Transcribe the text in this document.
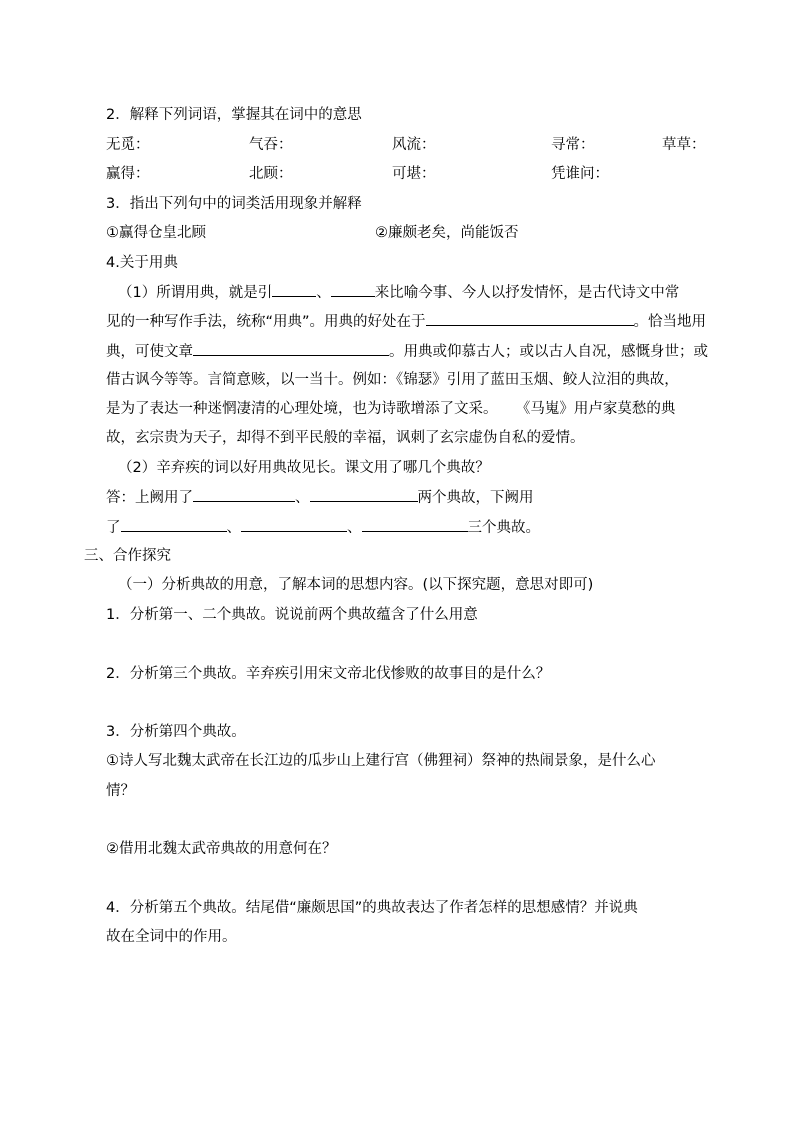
2．解释下列词语，掌握其在词中的意思

无觅：	气吞：	风流：	寻常：	草草：
赢得：	北顾：	可堪：	凭谁问：

3．指出下列句中的词类活用现象并解释

①赢得仓皇北顾	②廉颇老矣，尚能饭否

4.关于用典

（1）所谓用典，就是引	、	来比喻今事、今人以抒发情怀，是古代诗文中常

见的一种写作手法，统称“用典”。用典的好处在于	。恰当地用

典，可使文章	。用典或仰慕古人；或以古人自况，感慨身世；或

借古讽今等等。言简意赅，以一当十。例如：《锦瑟》引用了蓝田玉烟、鲛人泣泪的典故，

是为了表达一种迷惘凄清的心理处境，也为诗歌增添了文采。    《马嵬》用卢家莫愁的典

故，玄宗贵为天子，却得不到平民般的幸福，讽刺了玄宗虚伪自私的爱情。

（2）辛弃疾的词以好用典故见长。课文用了哪几个典故？

答：上阙用了	、	两个典故，下阙用

了	、	、	三个典故。

三、合作探究

（一）分析典故的用意，了解本词的思想内容。(以下探究题，意思对即可)

1．分析第一、二个典故。说说前两个典故蕴含了什么用意

2．分析第三个典故。辛弃疾引用宋文帝北伐惨败的故事目的是什么？

3．分析第四个典故。

①诗人写北魏太武帝在长江边的瓜步山上建行宫（佛狸祠）祭神的热闹景象，是什么心

情？

②借用北魏太武帝典故的用意何在？

4．分析第五个典故。结尾借“廉颇思国”的典故表达了作者怎样的思想感情？并说典

故在全词中的作用。
